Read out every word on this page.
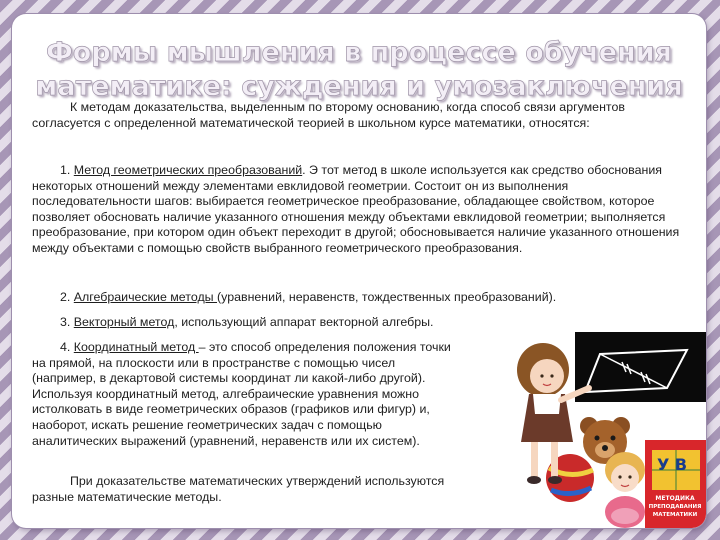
Формы мышления в процессе обучения
математике: суждения и умозаключения

К методам доказательства, выделенным по второму основанию, когда способ связи аргументов согласуется с определенной математической теорией в школьном курсе математики, относятся:

1. Метод геометрических преобразований. Э тот метод в школе используется как средство обоснования некоторых отношений между элементами евклидовой геометрии. Состоит он из выполнения последовательности шагов: выбирается геометрическое преобразование, обладающее свойством, которое позволяет обосновать наличие указанного отношения между объектами евклидовой геометрии; выполняется преобразование, при котором один объект переходит в другой; обосновывается наличие указанного отношения между объектами с помощью свойств выбранного геометрического преобразования.

2. Алгебраические методы (уравнений, неравенств, тождественных преобразований).

3. Векторный метод, использующий аппарат векторной алгебры.

4. Координатный метод – это способ определения положения точки
на прямой, на плоскости или в пространстве с помощью чисел
(например, в декартовой системы координат ли какой-либо другой).
Используя координатный метод, алгебраические уравнения можно
истолковать в виде геометрических образов (графиков или фигур) и,
наоборот, искать решение геометрических задач с помощью
аналитических выражений (уравнений, неравенств или их систем).
При доказательстве математических утверждений используются
разные математические методы.
У В
МЕТОДИКА
ПРЕПОДАВАНИЯ
МАТЕМАТИКИ
